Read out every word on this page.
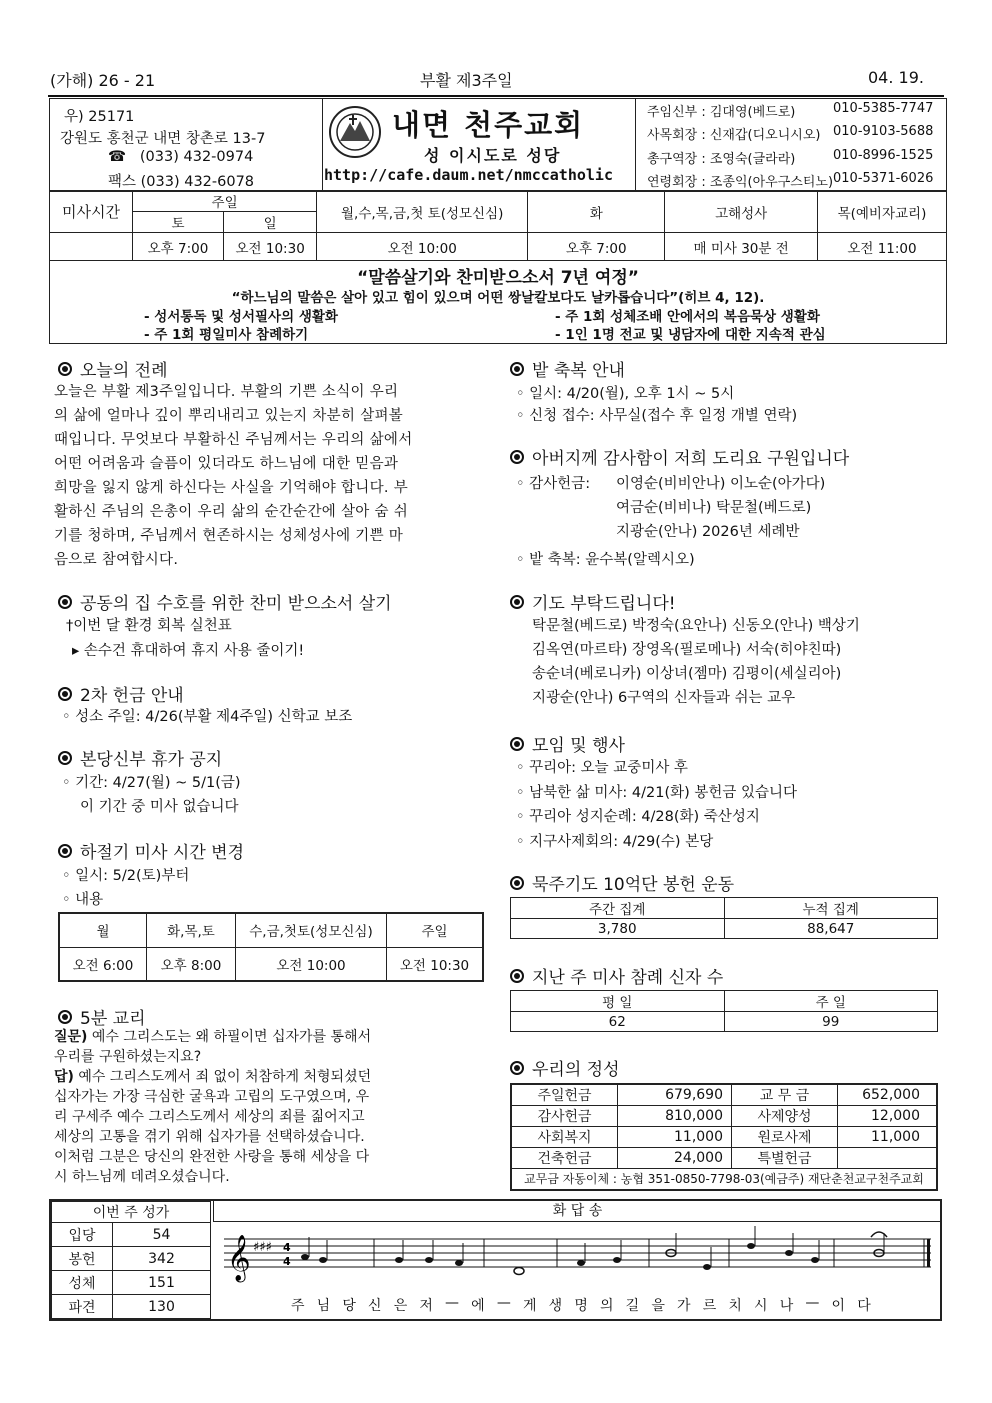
(가해) 26 - 21	부활 제3주일	04. 19.
우) 25171
강원도 홍천군 내면 창촌로 13-7
☎ (033) 432-0974
팩스 (033) 432-6078
내면 천주교회
성 이시도로 성당
http://cafe.daum.net/nmccatholic
주임신부 : 김대영(베드로)	010-5385-7747
사목회장 : 신재갑(디오니시오) 010-9103-5688
총구역장 : 조영숙(글라라)	010-8996-1525
연령회장 : 조종익(아우구스티노) 010-5371-6026
미사시간	주일		월,수,목,금,첫 토(성모신심)	화	고해성사	목(예비자교리)
	토	일				
	오후 7:00	오전 10:30	오전 10:00	오후 7:00	매 미사 30분 전	오전 11:00
“말씀살기와 찬미받으소서 7년 여정”
“하느님의 말씀은 살아 있고 힘이 있으며 어떤 쌍날칼보다도 날카롭습니다”(히브 4, 12).
- 성서통독 및 성서필사의 생활화	- 주 1회 성체조배 안에서의 복음묵상 생활화
- 주 1회 평일미사 참례하기	- 1인 1명 전교 및 냉담자에 대한 지속적 관심
오늘의 전례
오늘은 부활 제3주일입니다. 부활의 기쁜 소식이 우리
의 삶에 얼마나 깊이 뿌리내리고 있는지 차분히 살펴볼
때입니다. 무엇보다 부활하신 주님께서는 우리의 삶에서
어떤 어려움과 슬픔이 있더라도 하느님에 대한 믿음과
희망을 잃지 않게 하신다는 사실을 기억해야 합니다. 부
활하신 주님의 은총이 우리 삶의 순간순간에 살아 숨 쉬
기를 청하며, 주님께서 현존하시는 성체성사에 기쁜 마
음으로 참여합시다.
공동의 집 수호를 위한 찬미 받으소서 살기
†이번 달 환경 회복 실천표
▸ 손수건 휴대하여 휴지 사용 줄이기!
2차 헌금 안내
◦ 성소 주일: 4/26(부활 제4주일) 신학교 보조
본당신부 휴가 공지
◦ 기간: 4/27(월) ~ 5/1(금)
이 기간 중 미사 없습니다
하절기 미사 시간 변경
◦ 일시: 5/2(토)부터
◦ 내용
월	화,목,토	수,금,첫토(성모신심)	주일
오전 6:00	오후 8:00	오전 10:00	오전 10:30
5분 교리
질문) 예수 그리스도는 왜 하필이면 십자가를 통해서
우리를 구원하셨는지요?
답) 예수 그리스도께서 죄 없이 처참하게 처형되셨던
십자가는 가장 극심한 굴욕과 고립의 도구였으며, 우
리 구세주 예수 그리스도께서 세상의 죄를 짊어지고
세상의 고통을 겪기 위해 십자가를 선택하셨습니다.
이처럼 그분은 당신의 완전한 사랑을 통해 세상을 다
시 하느님께 데려오셨습니다.
밭 축복 안내
◦ 일시: 4/20(월), 오후 1시 ~ 5시
◦ 신청 접수: 사무실(접수 후 일정 개별 연락)
아버지께 감사함이 저희 도리요 구원입니다
◦ 감사헌금: 이영순(비비안나) 이노순(아가다)
여금순(비비나) 탁문철(베드로)
지광순(안나) 2026년 세례반
◦ 밭 축복: 윤수복(알렉시오)
기도 부탁드립니다!
탁문철(베드로) 박정숙(요안나) 신동오(안나) 백상기
김옥연(마르타) 장영옥(필로메나) 서숙(히야친따)
송순녀(베로니카) 이상녀(젬마) 김평이(세실리아)
지광순(안나) 6구역의 신자들과 쉬는 교우
모임 및 행사
◦ 꾸리아: 오늘 교중미사 후
◦ 남북한 삶 미사: 4/21(화) 봉헌금 있습니다
◦ 꾸리아 성지순례: 4/28(화) 죽산성지
◦ 지구사제회의: 4/29(수) 본당
묵주기도 10억단 봉헌 운동
주간 집계	누적 집계
3,780	88,647
지난 주 미사 참례 신자 수
평 일	주 일
62	99
우리의 정성
주일헌금	679,690	교 무 금	652,000
감사헌금	810,000	사제양성	12,000
사회복지	11,000	원로사제	11,000
건축헌금	24,000	특별헌금	
교무금 자동이체 : 농협 351-0850-7798-03(예금주) 재단춘천교구천주교회			
이번 주 성가	
입당	54
봉헌	342
성체	151
파견	130
화 답 송
𝄞 ♯♯♯ 4
4
주 님 당 신 은 저 — 에 — 게 생 명 의 길 을 가 르 치 시 나 — 이 다
